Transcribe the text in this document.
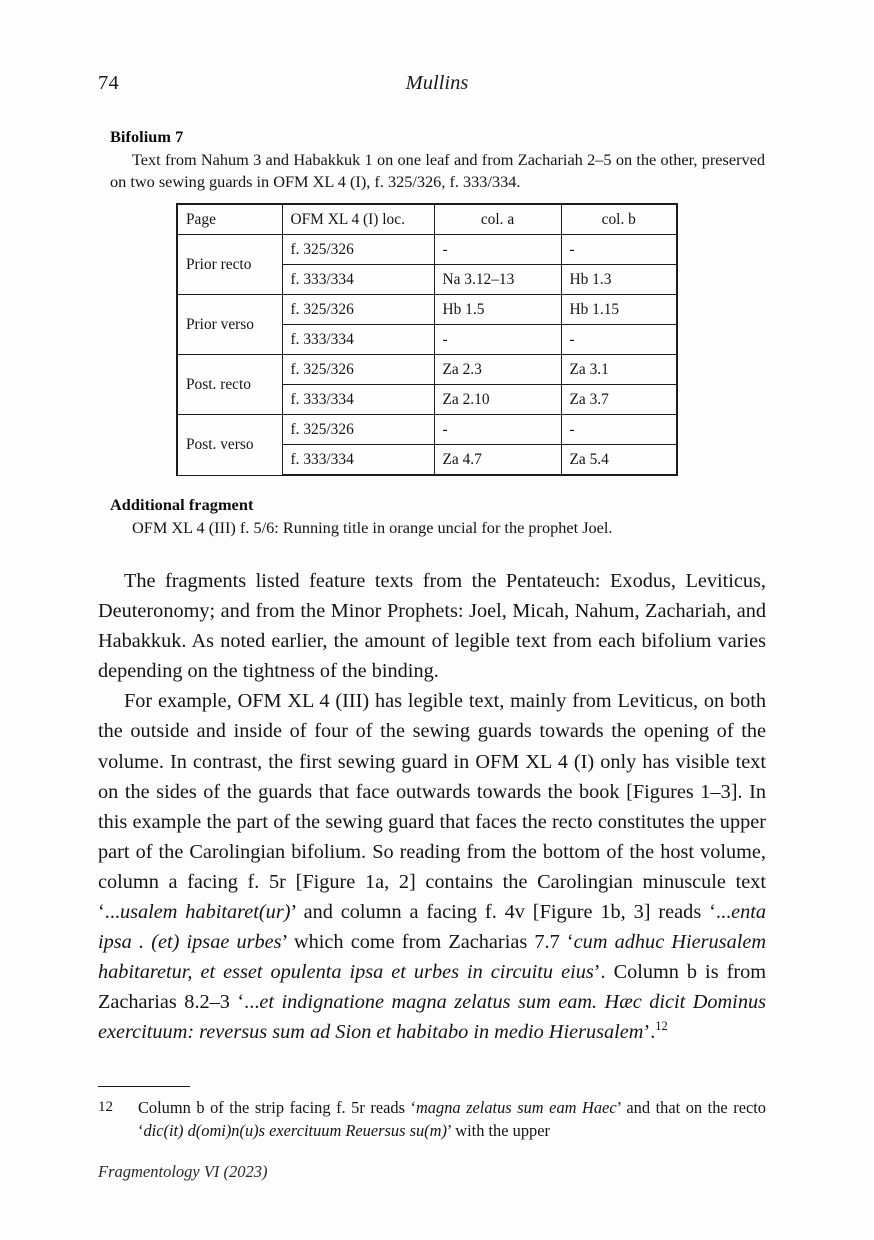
74	Mullins
Bifolium 7
Text from Nahum 3 and Habakkuk 1 on one leaf and from Zachariah 2–5 on the other, preserved on two sewing guards in OFM XL 4 (I), f. 325/326, f. 333/334.
Page	OFM XL 4 (I) loc.	col. a	col. b
Prior recto	f. 325/326	-	-
	f. 333/334	Na 3.12–13	Hb 1.3
Prior verso	f. 325/326	Hb 1.5	Hb 1.15
	f. 333/334	-	-
Post. recto	f. 325/326	Za 2.3	Za 3.1
	f. 333/334	Za 2.10	Za 3.7
Post. verso	f. 325/326	-	-
	f. 333/334	Za 4.7	Za 5.4
Additional fragment
OFM XL 4 (III) f. 5/6: Running title in orange uncial for the prophet Joel.

The fragments listed feature texts from the Pentateuch: Exodus, Leviticus, Deuteronomy; and from the Minor Prophets: Joel, Micah, Nahum, Zachariah, and Habakkuk. As noted earlier, the amount of legible text from each bifolium varies depending on the tightness of the binding.

For example, OFM XL 4 (III) has legible text, mainly from Leviticus, on both the outside and inside of four of the sewing guards towards the opening of the volume. In contrast, the first sewing guard in OFM XL 4 (I) only has visible text on the sides of the guards that face outwards towards the book [Figures 1–3]. In this example the part of the sewing guard that faces the recto constitutes the upper part of the Carolingian bifolium. So reading from the bottom of the host volume, column a facing f. 5r [Figure 1a, 2] contains the Carolingian minuscule text ‘...usalem habitaret(ur)’ and column a facing f. 4v [Figure 1b, 3] reads ‘...enta ipsa . (et) ipsae urbes’ which come from Zacharias 7.7 ‘cum adhuc Hierusalem habitaretur, et esset opulenta ipsa et urbes in circuitu eius’. Column b is from Zacharias 8.2–3 ‘...et indignatione magna zelatus sum eam. Hæc dicit Dominus exercituum: reversus sum ad Sion et habitabo in medio Hierusalem’.$^{12}$

12	Column b of the strip facing f. 5r reads ‘magna zelatus sum eam Haec’ and that on the recto ‘dic(it) d(omi)n(u)s exercituum Reuersus su(m)’ with the upper
Fragmentology VI (2023)
